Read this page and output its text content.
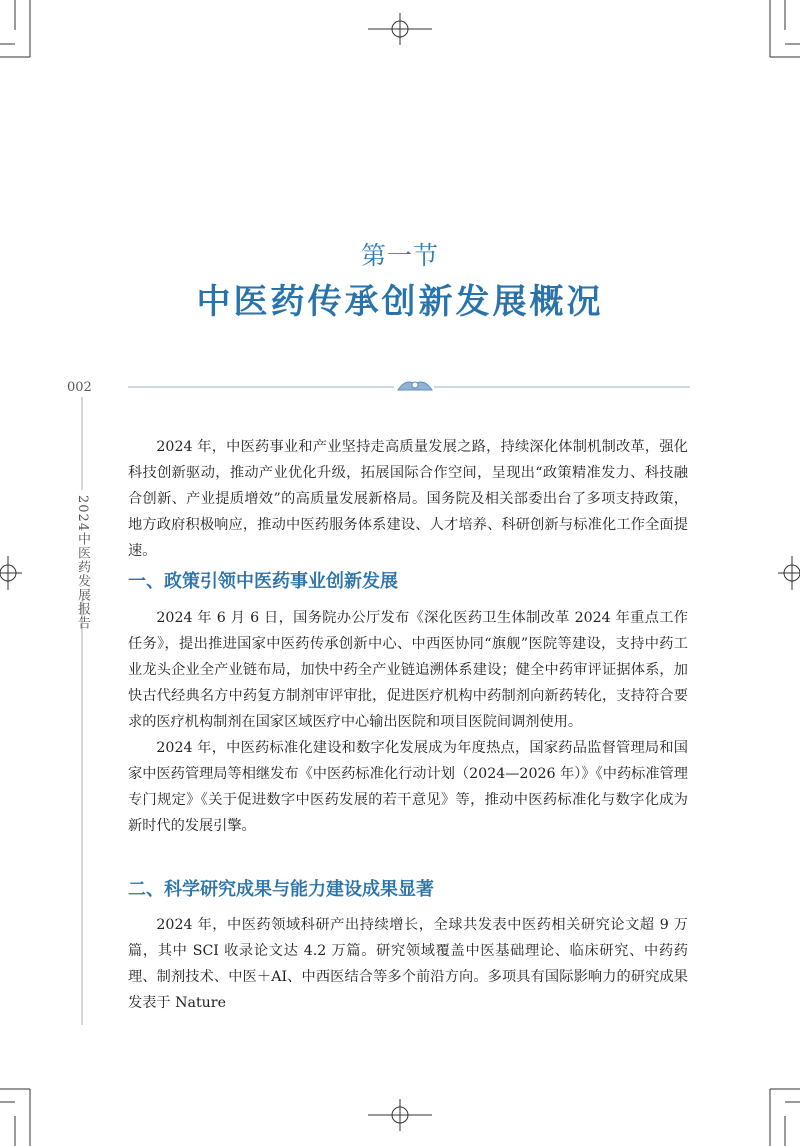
第一节
中医药传承创新发展概况
002
2024中医药发展报告

2024 年，中医药事业和产业坚持走高质量发展之路，持续深化体制机制改革，强化科技创新驱动，推动产业优化升级，拓展国际合作空间，呈现出“政策精准发力、科技融合创新、产业提质增效”的高质量发展新格局。国务院及相关部委出台了多项支持政策，地方政府积极响应，推动中医药服务体系建设、人才培养、科研创新与标准化工作全面提速。

一、政策引领中医药事业创新发展

2024 年 6 月 6 日，国务院办公厅发布《深化医药卫生体制改革 2024 年重点工作任务》，提出推进国家中医药传承创新中心、中西医协同“旗舰”医院等建设，支持中药工业龙头企业全产业链布局，加快中药全产业链追溯体系建设；健全中药审评证据体系，加快古代经典名方中药复方制剂审评审批，促进医疗机构中药制剂向新药转化，支持符合要求的医疗机构制剂在国家区域医疗中心输出医院和项目医院间调剂使用。

2024 年，中医药标准化建设和数字化发展成为年度热点，国家药品监督管理局和国家中医药管理局等相继发布《中医药标准化行动计划（2024—2026 年）》《中药标准管理专门规定》《关于促进数字中医药发展的若干意见》等，推动中医药标准化与数字化成为新时代的发展引擎。

二、科学研究成果与能力建设成果显著

2024 年，中医药领域科研产出持续增长，全球共发表中医药相关研究论文超 9 万篇，其中 SCI 收录论文达 4.2 万篇。研究领域覆盖中医基础理论、临床研究、中药药理、制剂技术、中医＋AI、中西医结合等多个前沿方向。多项具有国际影响力的研究成果发表于 Nature
